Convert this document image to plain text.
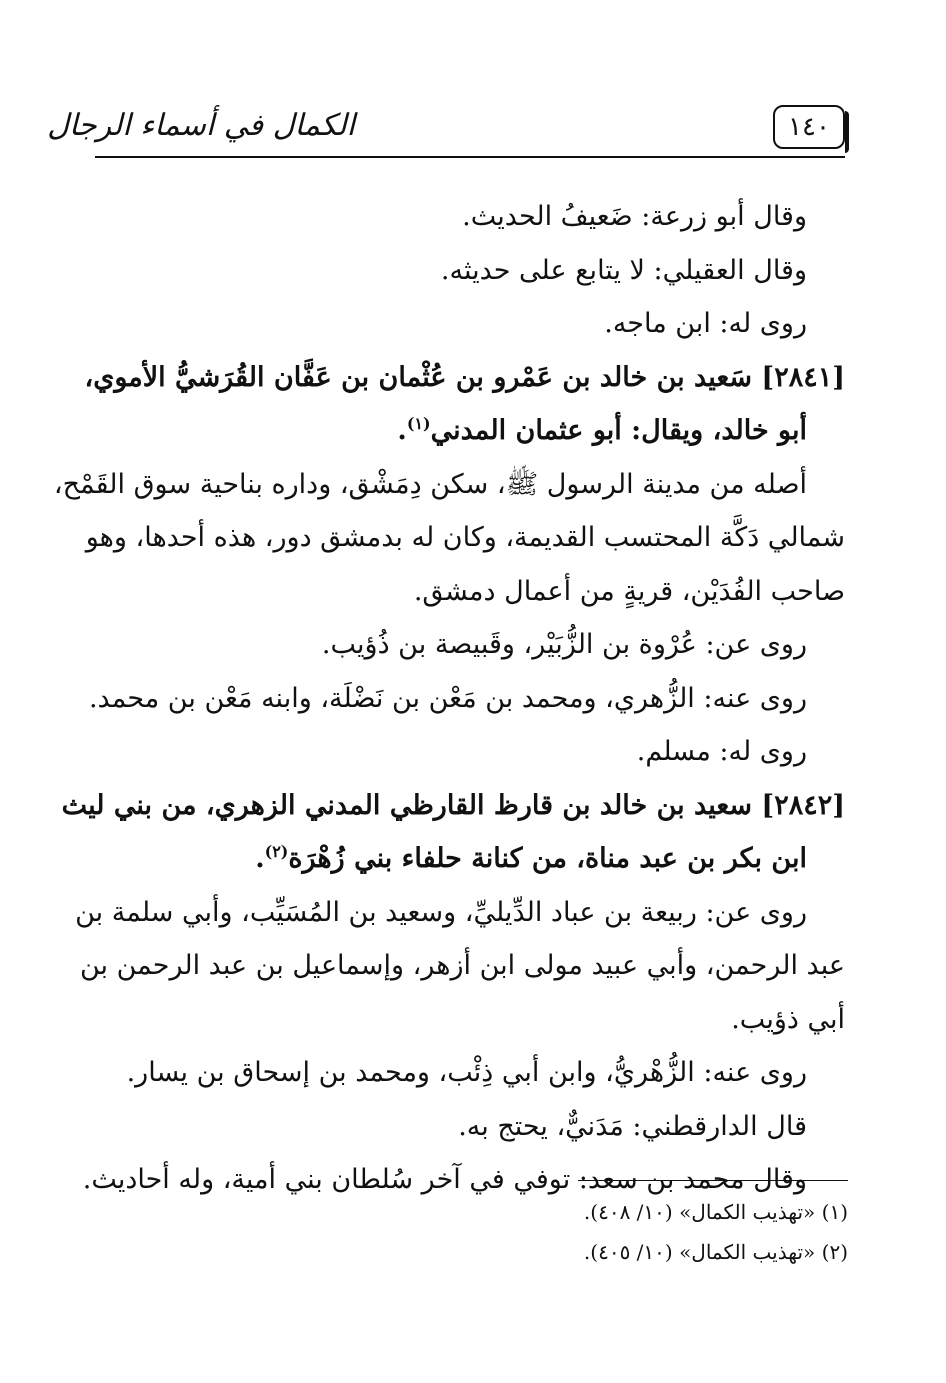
الكمال في أسماء الرجال	١٤٠
وقال أبو زرعة: ضَعيفُ الحديث.
وقال العقيلي: لا يتابع على حديثه.
روى له: ابن ماجه.
[٢٨٤١] سَعيد بن خالد بن عَمْرو بن عُثْمان بن عَفَّان القُرَشيُّ الأموي،
أبو خالد، ويقال: أبو عثمان المدني$^{(١)}$.
أصله من مدينة الرسول ﷺ، سكن دِمَشْق، وداره بناحية سوق القَمْح،
شمالي دَكَّة المحتسب القديمة، وكان له بدمشق دور، هذه أحدها، وهو
صاحب الفُدَيْن، قريةٍ من أعمال دمشق.
روى عن: عُرْوة بن الزُّبَيْر، وقَبيصة بن ذُؤيب.
روى عنه: الزُّهري، ومحمد بن مَعْن بن نَضْلَة، وابنه مَعْن بن محمد.
روى له: مسلم.
[٢٨٤٢] سعيد بن خالد بن قارظ القارظي المدني الزهري، من بني ليث
ابن بكر بن عبد مناة، من كنانة حلفاء بني زُهْرَة$^{(٢)}$.
روى عن: ربيعة بن عباد الدِّيليِّ، وسعيد بن المُسَيِّب، وأبي سلمة بن
عبد الرحمن، وأبي عبيد مولى ابن أزهر، وإسماعيل بن عبد الرحمن بن
أبي ذؤيب.
روى عنه: الزُّهْريُّ، وابن أبي ذِئْب، ومحمد بن إسحاق بن يسار.
قال الدارقطني: مَدَنيٌّ، يحتج به.
وقال محمد بن سعد: توفي في آخر سُلطان بني أمية، وله أحاديث.
(١) «تهذيب الكمال» (١٠/ ٤٠٨).
(٢) «تهذيب الكمال» (١٠/ ٤٠٥).
